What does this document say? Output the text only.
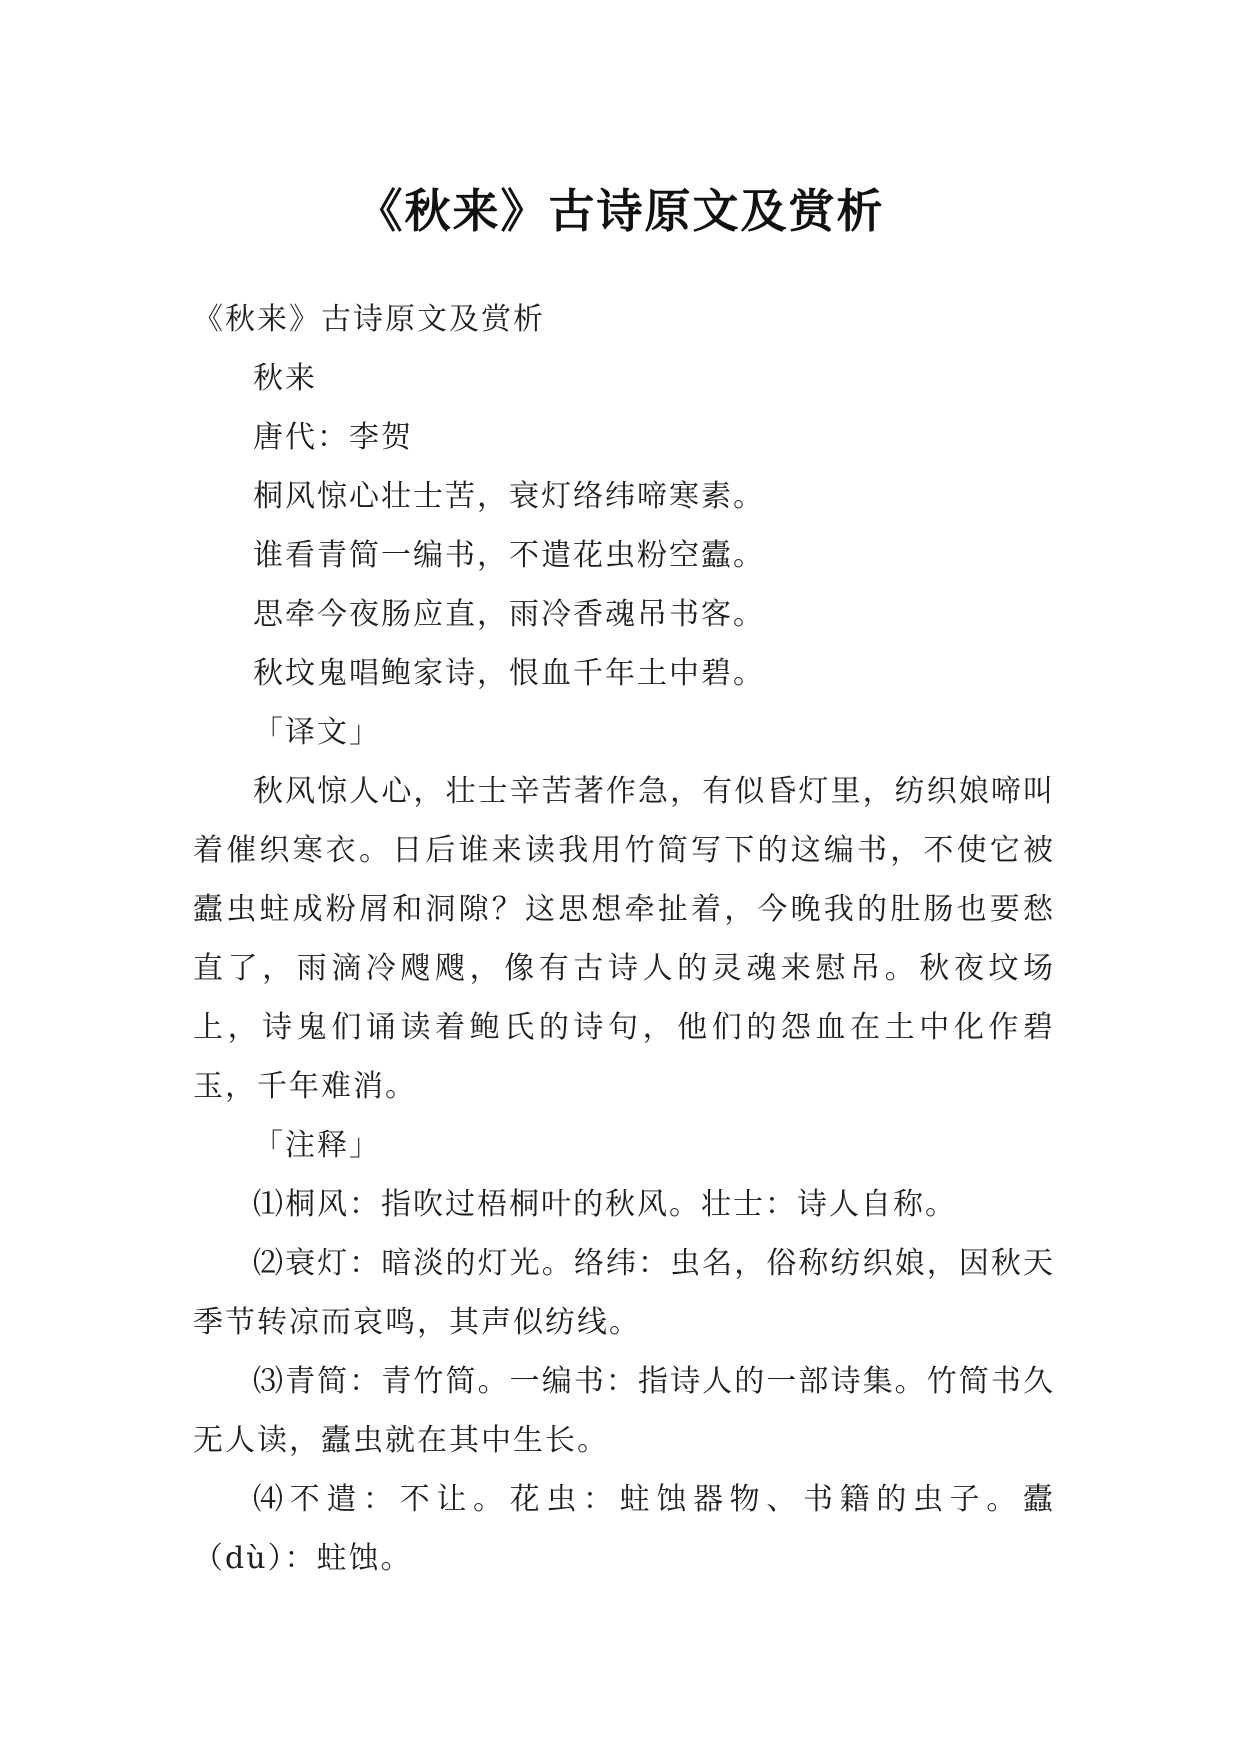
《秋来》古诗原文及赏析

《秋来》古诗原文及赏析

秋来

唐代：李贺

桐风惊心壮士苦，衰灯络纬啼寒素。

谁看青简一编书，不遣花虫粉空蠹。

思牵今夜肠应直，雨冷香魂吊书客。

秋坟鬼唱鲍家诗，恨血千年土中碧。

「译文」

秋风惊人心，壮士辛苦著作急，有似昏灯里，纺织娘啼叫着催织寒衣。日后谁来读我用竹简写下的这编书，不使它被蠹虫蛀成粉屑和洞隙？这思想牵扯着，今晚我的肚肠也要愁直了，雨滴冷飕飕，像有古诗人的灵魂来慰吊。秋夜坟场上，诗鬼们诵读着鲍氏的诗句，他们的怨血在土中化作碧玉，千年难消。

「注释」

⑴桐风：指吹过梧桐叶的秋风。壮士：诗人自称。

⑵衰灯：暗淡的灯光。络纬：虫名，俗称纺织娘，因秋天季节转凉而哀鸣，其声似纺线。

⑶青简：青竹简。一编书：指诗人的一部诗集。竹简书久无人读，蠹虫就在其中生长。

⑷不遣：不让。花虫：蛀蚀器物、书籍的虫子。蠹（dù）：蛀蚀。
